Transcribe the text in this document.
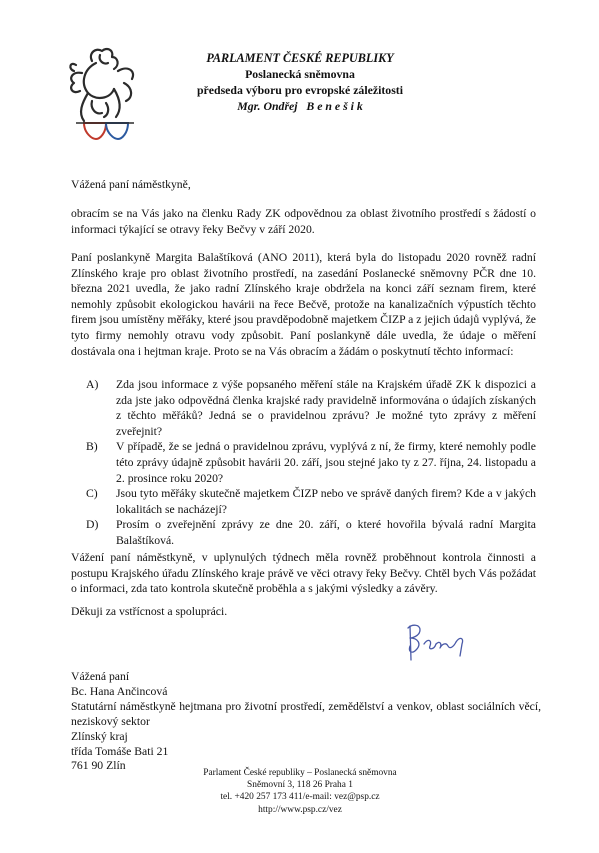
PARLAMENT ČESKÉ REPUBLIKY
Poslanecká sněmovna
předseda výboru pro evropské záležitosti
Mgr. Ondřej   B e n e š i k
Vážená paní náměstkyně,
obracím se na Vás jako na členku Rady ZK odpovědnou za oblast životního prostředí s žádostí o informaci týkající se otravy řeky Bečvy v září 2020.
Paní poslankyně Margita Balaštíková (ANO 2011), která byla do listopadu 2020 rovněž radní Zlínského kraje pro oblast životního prostředí, na zasedání Poslanecké sněmovny PČR dne 10. března 2021 uvedla, že jako radní Zlínského kraje obdržela na konci září seznam firem, které nemohly způsobit ekologickou havárii na řece Bečvě, protože na kanalizačních výpustích těchto firem jsou umístěny měřáky, které jsou pravděpodobně majetkem ČIZP a z jejich údajů vyplývá, že tyto firmy nemohly otravu vody způsobit. Paní poslankyně dále uvedla, že údaje o měření dostávala ona i hejtman kraje. Proto se na Vás obracím a žádám o poskytnutí těchto informací:
A) Zda jsou informace z výše popsaného měření stále na Krajském úřadě ZK k dispozici a zda jste jako odpovědná členka krajské rady pravidelně informována o údajích získaných z těchto měřáků? Jedná se o pravidelnou zprávu? Je možné tyto zprávy z měření zveřejnit?
B) V případě, že se jedná o pravidelnou zprávu, vyplývá z ní, že firmy, které nemohly podle této zprávy údajně způsobit havárii 20. září, jsou stejné jako ty z 27. října, 24. listopadu a 2. prosince roku 2020?
C) Jsou tyto měřáky skutečně majetkem ČIZP nebo ve správě daných firem? Kde a v jakých lokalitách se nacházejí?
D) Prosím o zveřejnění zprávy ze dne 20. září, o které hovořila bývalá radní Margita Balaštíková.
Vážení paní náměstkyně, v uplynulých týdnech měla rovněž proběhnout kontrola činnosti a postupu Krajského úřadu Zlínského kraje právě ve věci otravy řeky Bečvy. Chtěl bych Vás požádat o informaci, zda tato kontrola skutečně proběhla a s jakými výsledky a závěry.
Děkuji za vstřícnost a spolupráci.
Vážená paní
Bc. Hana Ančincová
Statutární náměstkyně hejtmana pro životní prostředí, zemědělství a venkov, oblast sociálních věcí, neziskový sektor
Zlínský kraj
třída Tomáše Bati 21
761 90 Zlín
Parlament České republiky – Poslanecká sněmovna
Sněmovní 3, 118 26 Praha 1
tel. +420 257 173 411/e-mail: vez@psp.cz
http://www.psp.cz/vez
